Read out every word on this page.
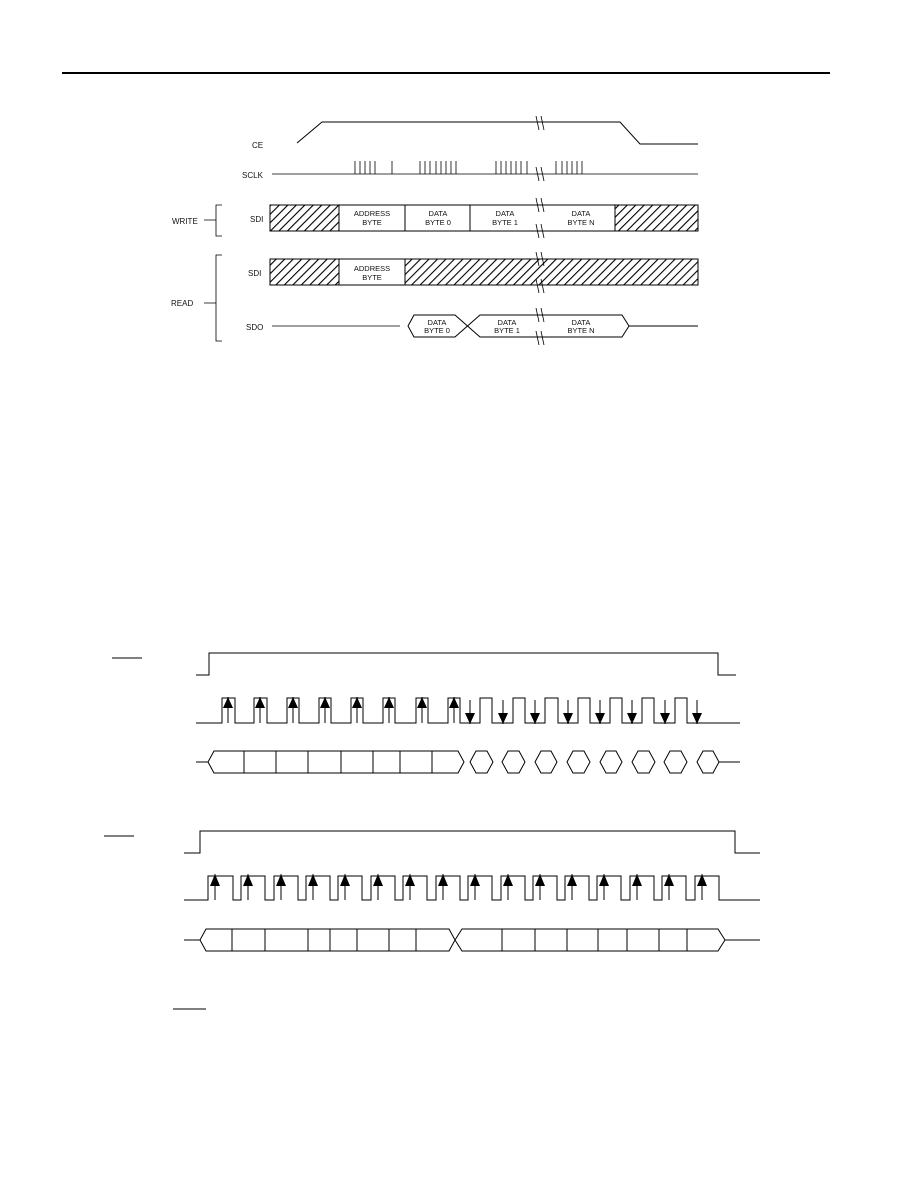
CE
SCLK
SDI
SDI
SDO
WRITE
READ
ADDRESS
BYTE
DATA
BYTE 0
DATA
BYTE 1
DATA
BYTE N
ADDRESS
BYTE
DATA
BYTE 0
DATA
BYTE 1
DATA
BYTE N
